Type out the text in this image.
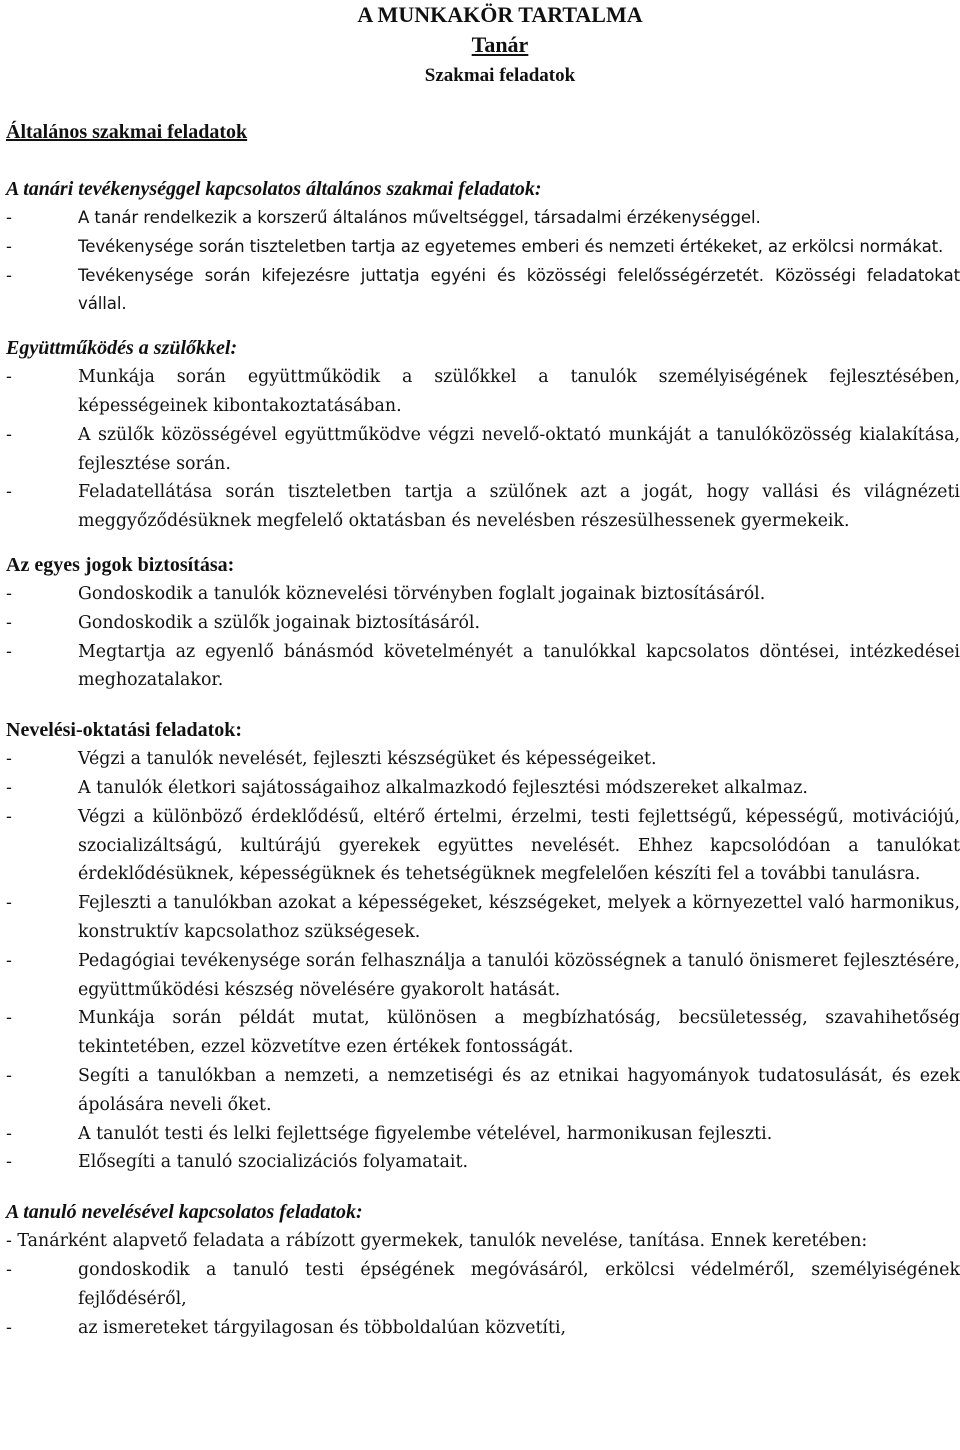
A MUNKAKÖR TARTALMA
Tanár
Szakmai feladatok
Általános szakmai feladatok
A tanári tevékenységgel kapcsolatos általános szakmai feladatok:
-	A tanár rendelkezik a korszerű általános műveltséggel, társadalmi érzékenységgel.
-	Tevékenysége során tiszteletben tartja az egyetemes emberi és nemzeti értékeket, az erkölcsi normákat.
-	Tevékenysége során kifejezésre juttatja egyéni és közösségi felelősségérzetét. Közösségi feladatokat vállal.
Együttműködés a szülőkkel:
-	Munkája során együttműködik a szülőkkel a tanulók személyiségének fejlesztésében, képességeinek kibontakoztatásában.
-	A szülők közösségével együttműködve végzi nevelő-oktató munkáját a tanulóközösség kialakítása, fejlesztése során.
-	Feladatellátása során tiszteletben tartja a szülőnek azt a jogát, hogy vallási és világnézeti meggyőződésüknek megfelelő oktatásban és nevelésben részesülhessenek gyermekeik.
Az egyes jogok biztosítása:
-	Gondoskodik a tanulók köznevelési törvényben foglalt jogainak biztosításáról.
-	Gondoskodik a szülők jogainak biztosításáról.
-	Megtartja az egyenlő bánásmód követelményét a tanulókkal kapcsolatos döntései, intézkedései meghozatalakor.
Nevelési-oktatási feladatok:
-	Végzi a tanulók nevelését, fejleszti készségüket és képességeiket.
-	A tanulók életkori sajátosságaihoz alkalmazkodó fejlesztési módszereket alkalmaz.
-	Végzi a különböző érdeklődésű, eltérő értelmi, érzelmi, testi fejlettségű, képességű, motivációjú, szocializáltságú, kultúrájú gyerekek együttes nevelését. Ehhez kapcsolódóan a tanulókat érdeklődésüknek, képességüknek és tehetségüknek megfelelően készíti fel a további tanulásra.
-	Fejleszti a tanulókban azokat a képességeket, készségeket, melyek a környezettel való harmonikus, konstruktív kapcsolathoz szükségesek.
-	Pedagógiai tevékenysége során felhasználja a tanulói közösségnek a tanuló önismeret fejlesztésére, együttműködési készség növelésére gyakorolt hatását.
-	Munkája során példát mutat, különösen a megbízhatóság, becsületesség, szavahihetőség tekintetében, ezzel közvetítve ezen értékek fontosságát.
-	Segíti a tanulókban a nemzeti, a nemzetiségi és az etnikai hagyományok tudatosulását, és ezek ápolására neveli őket.
-	A tanulót testi és lelki fejlettsége figyelembe vételével, harmonikusan fejleszti.
-	Elősegíti a tanuló szocializációs folyamatait.
A tanuló nevelésével kapcsolatos feladatok:
- Tanárként alapvető feladata a rábízott gyermekek, tanulók nevelése, tanítása. Ennek keretében:
-	gondoskodik a tanuló testi épségének megóvásáról, erkölcsi védelméről, személyiségének fejlődéséről,
-	az ismereteket tárgyilagosan és többoldalúan közvetíti,
